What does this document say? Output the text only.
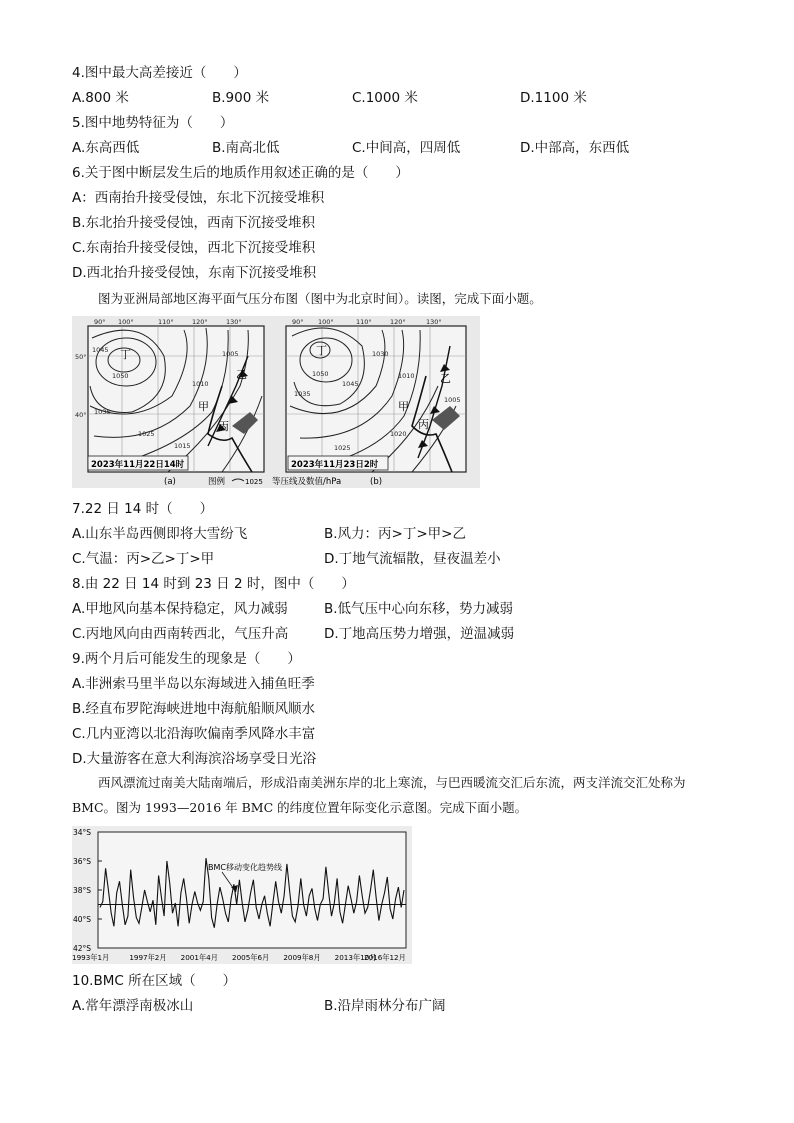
4.图中最大高差接近（　　）
A.800 米	B.900 米	C.1000 米	D.1100 米
5.图中地势特征为（　　）
A.东高西低	B.南高北低	C.中间高，四周低	D.中部高，东西低
6.关于图中断层发生后的地质作用叙述正确的是（　　）
A：西南抬升接受侵蚀，东北下沉接受堆积
B.东北抬升接受侵蚀，西南下沉接受堆积
C.东南抬升接受侵蚀，西北下沉接受堆积
D.西北抬升接受侵蚀，东南下沉接受堆积
图为亚洲局部地区海平面气压分布图（图中为北京时间）。读图，完成下面小题。
丁
乙
甲
丙
1045
1050
1035
1025
1015
1010
1005
90° 100°	110°	120°	130°
50°
40°
2023年11月22日14时
丁
乙
甲
丙
1050
1035
1045
1025
1020
1010
1005
1030
90° 100°	110°	120°	130°
2023年11月23日2时
(a)	图例	1025 等压线及数值/hPa	(b)
7.22 日 14 时（　　）
A.山东半岛西侧即将大雪纷飞	B.风力：丙>丁>甲>乙
C.气温：丙>乙>丁>甲	D.丁地气流辐散，昼夜温差小
8.由 22 日 14 时到 23 日 2 时，图中（　　）
A.甲地风向基本保持稳定，风力减弱	B.低气压中心向东移，势力减弱
C.丙地风向由西南转西北，气压升高	D.丁地高压势力增强，逆温减弱
9.两个月后可能发生的现象是（　　）
A.非洲索马里半岛以东海域进入捕鱼旺季
B.经直布罗陀海峡进地中海航船顺风顺水
C.几内亚湾以北沿海吹偏南季风降水丰富
D.大量游客在意大利海滨浴场享受日光浴
西风漂流过南美大陆南端后，形成沿南美洲东岸的北上寒流，与巴西暖流交汇后东流，两支洋流交汇处称为 BMC。图为 1993—2016 年 BMC 的纬度位置年际变化示意图。完成下面小题。
34°S
36°S
38°S
40°S
42°S
1993年1月	1997年2月 2001年4月 2005年6月 2009年8月 2013年10月
2016年12月
BMC移动变化趋势线
10.BMC 所在区域（　　）
A.常年漂浮南极冰山	B.沿岸雨林分布广阔
